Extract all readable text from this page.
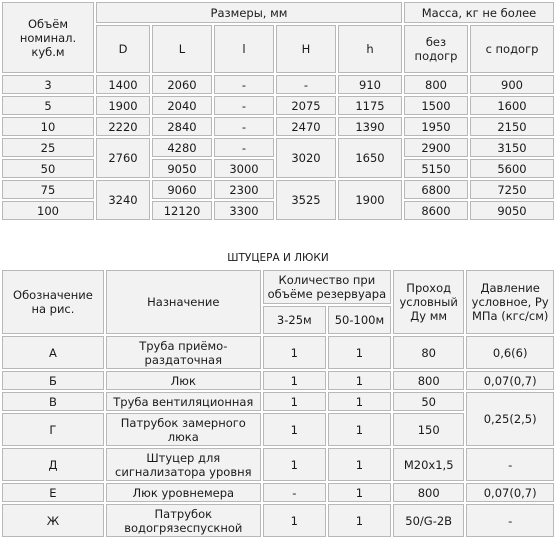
Объём номинал. куб.м	Размеры, мм					Масса, кг не более	
	D	L	l	H	h	без подогр	с подогр

3	1400	2060	-	-	910	800	900
5	1900	2040	-	2075	1175	1500	1600
10	2220	2840	-	2470	1390	1950	2150
25	2760	4280	-	3020	1650	2900	3150
50		9050	3000			5150	5600
75	3240	9060	2300	3525	1900	6800	7250
100		12120	3300			8600	9050
ШТУЦЕРА И ЛЮКИ
Обозначение на рис.	Назначение	Количество при объёме резервуара		Проход условный Ду мм	Давление условное, Ру МПа (кгс/см)
		3-25м	50-100м		
А	Труба приёмо-раздаточная	1	1	80	0,6(6)
Б	Люк	1	1	800	0,07(0,7)
В	Труба вентиляционная	1	1	50	0,25(2,5)
Г	Патрубок замерного люка	1	1	150	
Д	Штуцер для сигнализатора уровня	1	1	М20х1,5	-
Е	Люк уровнемера	-	1	800	0,07(0,7)
Ж	Патрубок водогрязеспускной	1	1	50/G-2B	-
